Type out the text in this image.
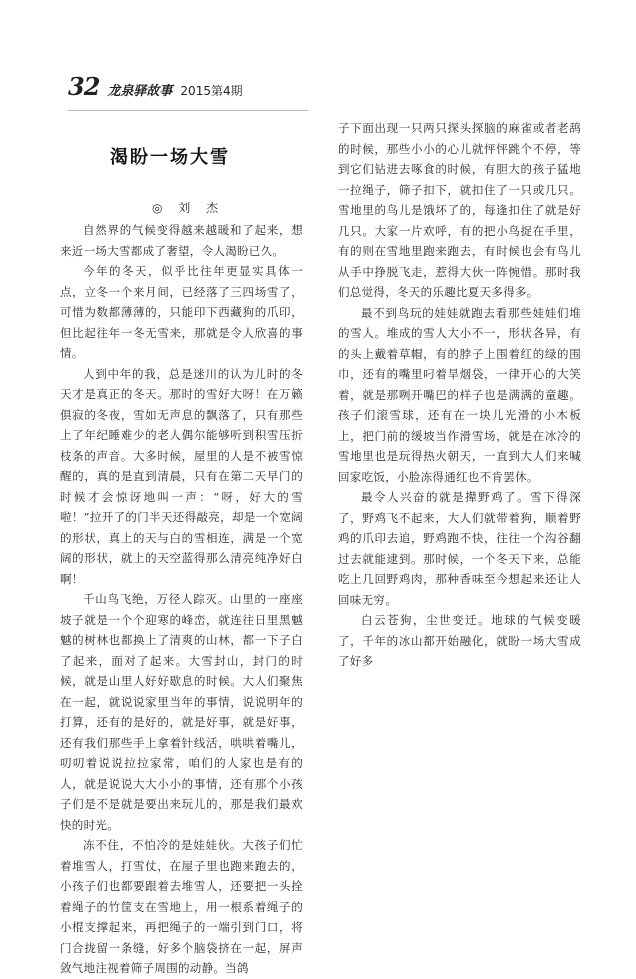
32 龙泉驿故事 2015第4期
渴盼一场大雪
◎ 刘 杰

自然界的气候变得越来越暖和了起来，想来近一场大雪都成了奢望，令人渴盼已久。

今年的冬天，似乎比往年更显实具体一点，立冬一个来月间，已经落了三四场雪了，可惜为数都薄薄的，只能印下西藏狗的爪印，但比起往年一冬无雪来，那就是令人欣喜的事情。

人到中年的我，总是迷川的认为儿时的冬天才是真正的冬天。那时的雪好大呀！在万籁俱寂的冬夜，雪如无声息的飘落了，只有那些上了年纪睡难少的老人偶尔能够听到积雪压折枝条的声音。大多时候，屋里的人是不被雪惊醒的，真的是直到清晨，只有在第二天早门的时候才会惊讶地叫一声：“呀，好大的雪啦！”拉开了的门半天还得敲亮，却是一个宽阔的形状，真上的天与白的雪相连，满是一个宽阔的形状，就上的天空蓝得那么清亮纯净好白啊！

千山鸟飞绝，万径人踪灭。山里的一座座坡子就是一个个迎寒的峰峦，就连往日里黑魆魆的树林也都换上了清爽的山林，都一下子白了起来，面对了起来。大雪封山，封门的时候，就是山里人好好歇息的时候。大人们聚焦在一起，就说说家里当年的事情，说说明年的打算，还有的是好的，就是好事，就是好事，还有我们那些手上拿着针线活，哄哄着嘴儿，叨叨着说说拉拉家常，咱们的人家也是有的人，就是说说大大小小的事情，还有那个小孩子们是不是就是要出来玩儿的，那是我们最欢快的时光。

冻不住，不怕冷的是娃娃伙。大孩子们忙着堆雪人，打雪仗，在屋子里也跑来跑去的，小孩子们也都要跟着去堆雪人，还要把一头拴着绳子的竹筐支在雪地上，用一根系着绳子的小棍支撑起来，再把绳子的一端引到门口，将门合拢留一条缝，好多个脑袋挤在一起，屏声敛气地注视着筛子周围的动静。当鸽

子下面出现一只两只探头探脑的麻雀或者老鸹的时候，那些小小的心儿就怦怦跳个不停，等到它们钻进去啄食的时候，有胆大的孩子猛地一拉绳子，筛子扣下，就扣住了一只或几只。雪地里的鸟儿是饿坏了的，每逢扣住了就是好几只。大家一片欢呼，有的把小鸟捉在手里，有的则在雪地里跑来跑去，有时候也会有鸟儿从手中挣脱飞走，惹得大伙一阵惋惜。那时我们总觉得，冬天的乐趣比夏天多得多。

最不到鸟玩的娃娃就跑去看那些娃娃们堆的雪人。堆成的雪人大小不一，形状各异，有的头上戴着草帽，有的脖子上围着红的绿的围巾，还有的嘴里叼着旱烟袋，一律开心的大笑着，就是那咧开嘴巴的样子也是满满的童趣。孩子们滚雪球，还有在一块儿光滑的小木板上，把门前的缓坡当作滑雪场，就是在冰冷的雪地里也是玩得热火朝天，一直到大人们来喊回家吃饭，小脸冻得通红也不肯罢休。

最令人兴奋的就是撵野鸡了。雪下得深了，野鸡飞不起来，大人们就带着狗，顺着野鸡的爪印去追，野鸡跑不快，往往一个沟谷翻过去就能逮到。那时候，一个冬天下来，总能吃上几回野鸡肉，那种香味至今想起来还让人回味无穷。

白云苍狗，尘世变迁。地球的气候变暖了，千年的冰山都开始融化，就盼一场大雪成了好多
